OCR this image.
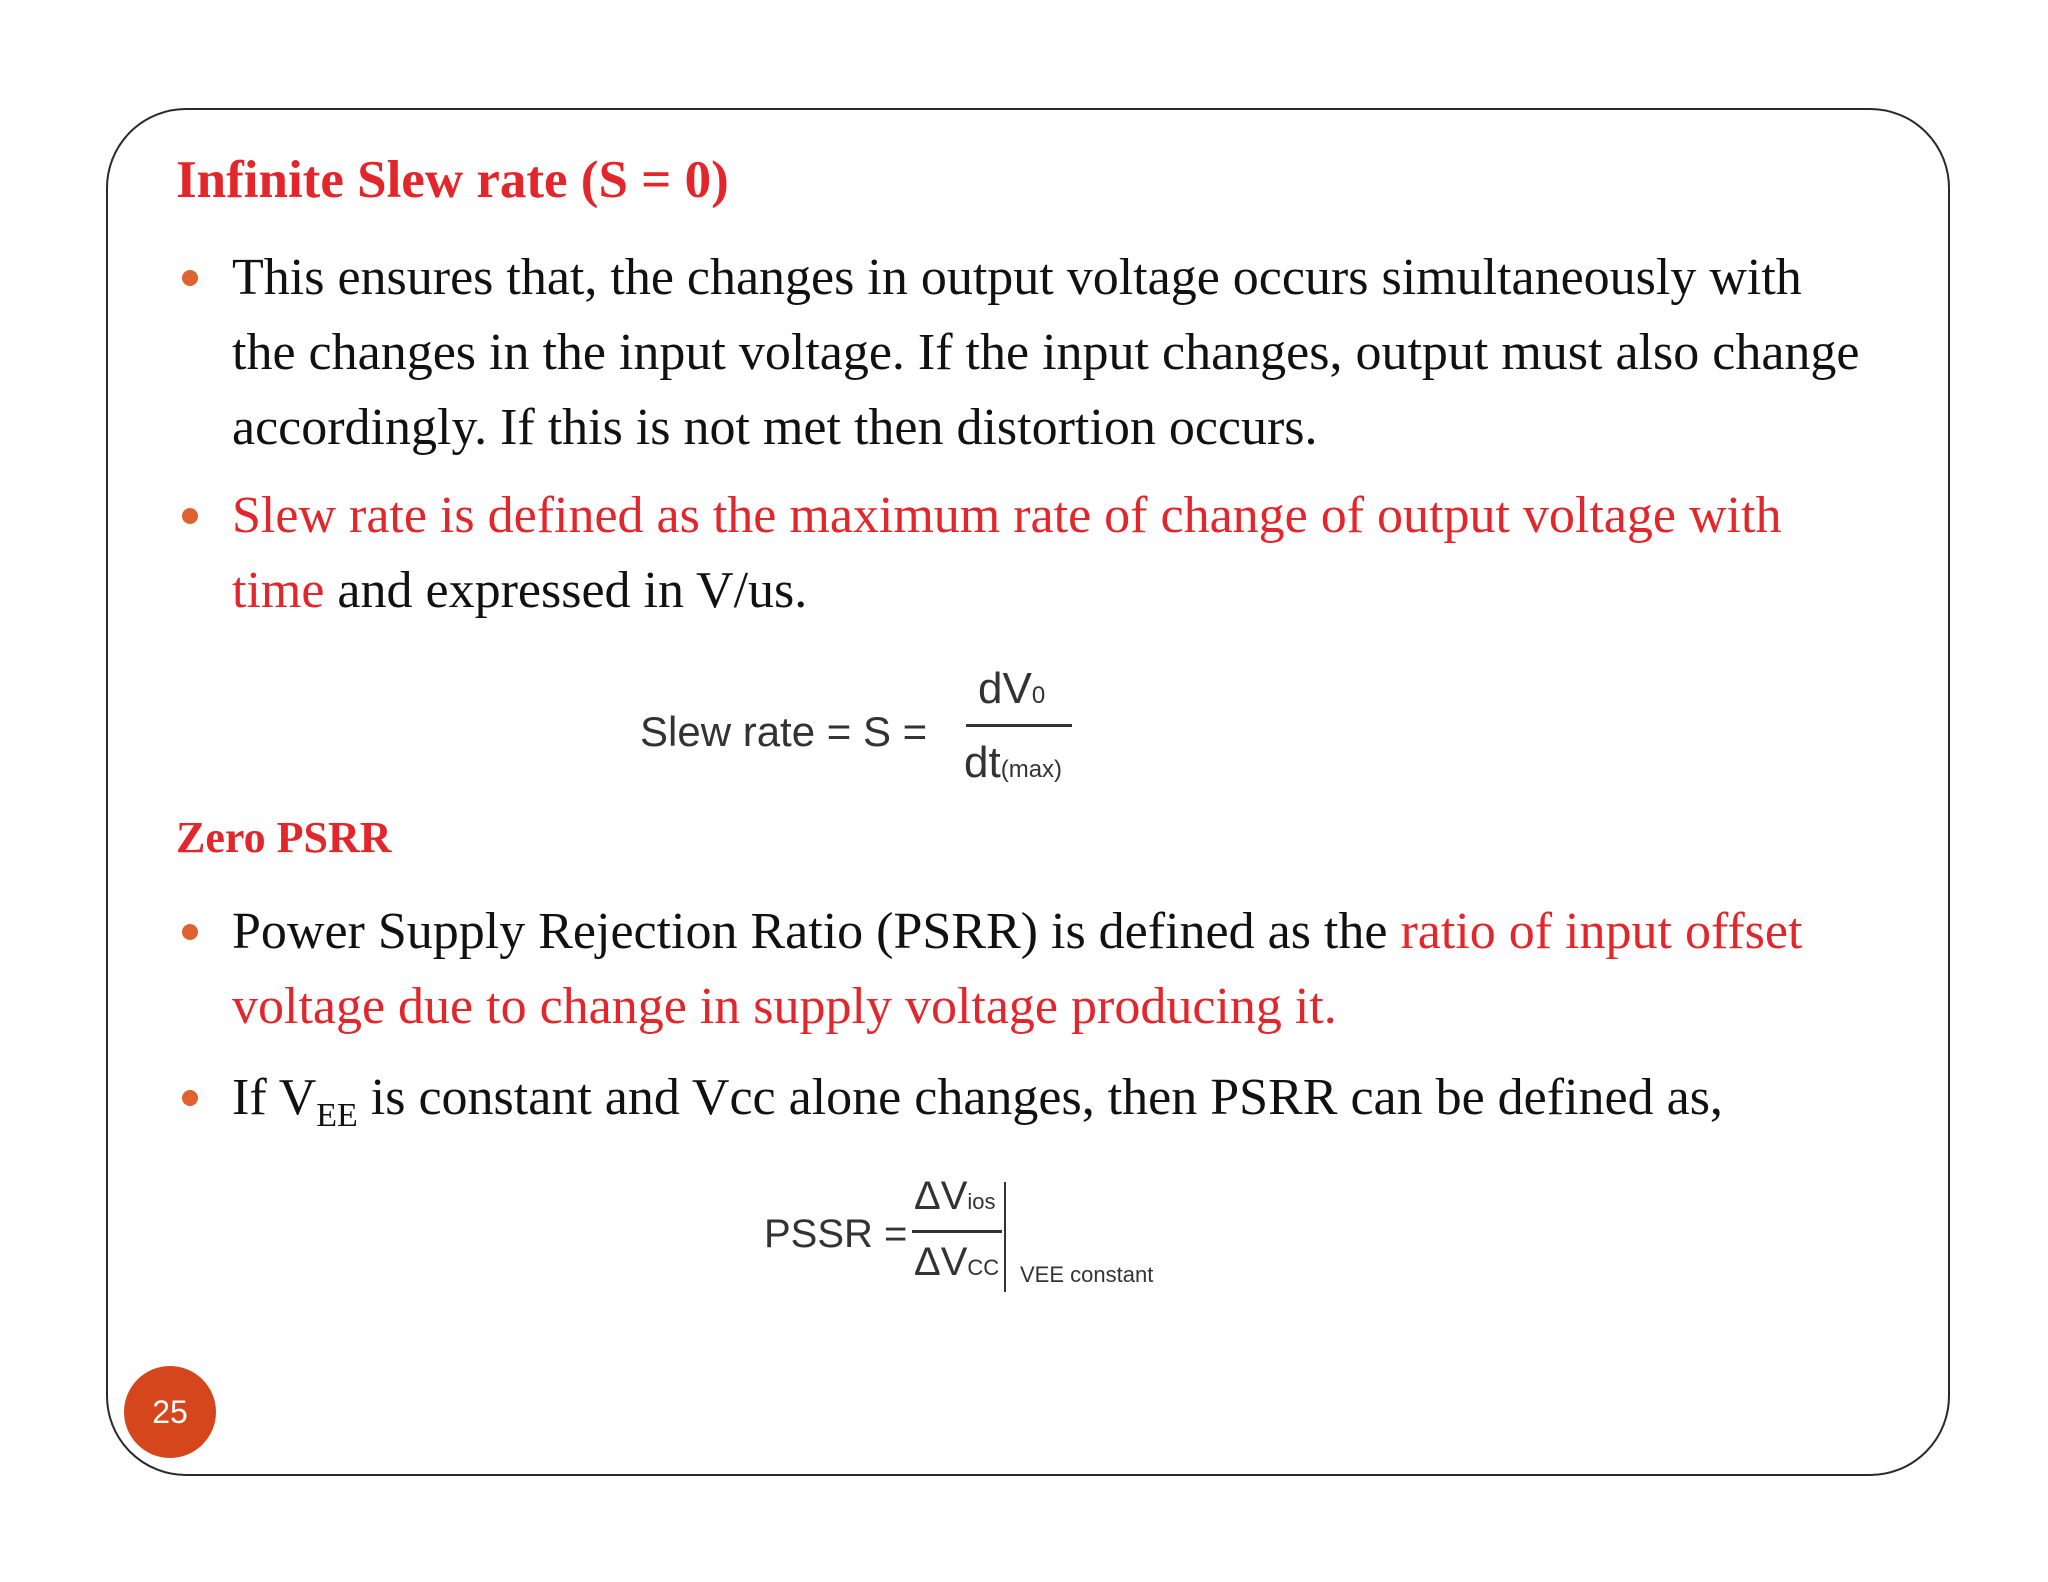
Infinite Slew rate (S = 0)
This ensures that, the changes in output voltage occurs simultaneously with the changes in the input voltage. If the input changes, output must also change accordingly. If this is not met then distortion occurs.
Slew rate is defined as the maximum rate of change of output voltage with time and expressed in V/us.
Slew rate = S =
dV0
dt(max)
Zero PSRR
Power Supply Rejection Ratio (PSRR) is defined as the ratio of input offset voltage due to change in supply voltage producing it.
If $V_{EE}$ is constant and Vcc alone changes, then PSRR can be defined as,
PSSR =
ΔVios
ΔVCC VEE constant
25
